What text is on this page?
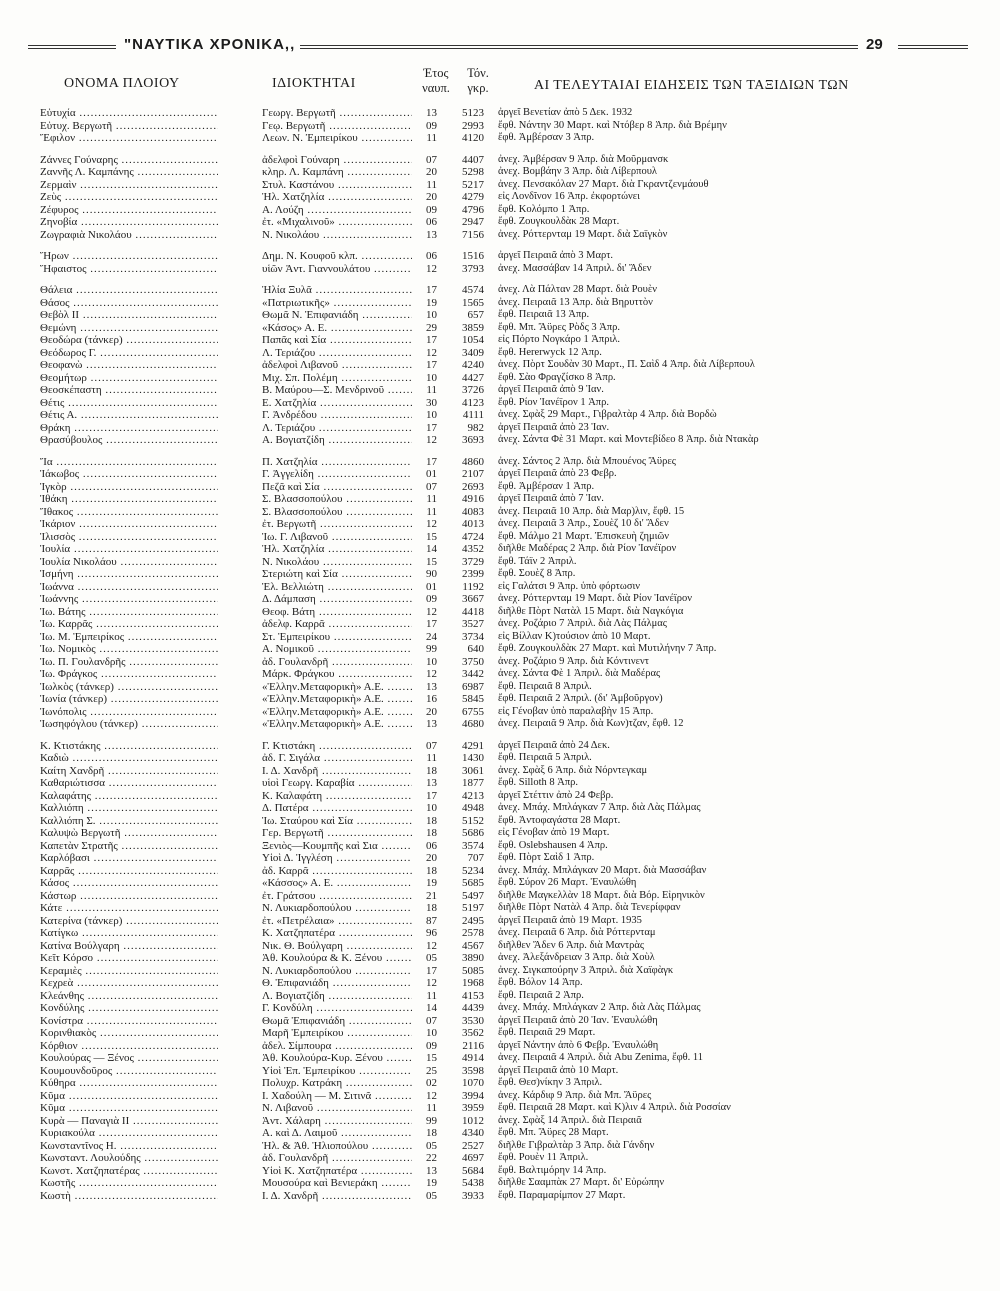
"ΝΑΥΤΙΚΑ ΧΡΟΝΙΚΑ,,	29
ΟΝΟΜΑ ΠΛΟΙΟΥ	ΙΔΙΟΚΤΗΤΑΙ
Έτος
ναυπ.
Τόν.
γκρ.	ΑΙ ΤΕΛΕΥΤΑΙΑΙ ΕΙΔΗΣΕΙΣ ΤΩΝ ΤΑΞΙΔΙΩΝ ΤΩΝ
Εὐτυχία .....	Γεωργ. Βεργωτῆ .....	13	5123 ἀργεῖ Βενετίαν ἀπὸ 5 Δεκ. 1932
Εὐτυχ. Βεργωτῆ .....	Γεῳ. Βεργωτῆ .....	09	2993 ἔφθ. Νάντην 30 Μαρτ. καὶ Ντόβερ 8 Ἀπρ. διὰ Βρέμην
Ἔφιλον .....	Λεων. Ν. Ἐμπειρίκου .....	11	4120 ἔφθ. Ἀμβέρσαν 3 Ἀπρ.
Ζάννες Γούναρης .....	ἀδελφοὶ Γούναρη .....	07	4407 ἀνεχ. Ἀμβέρσαν 9 Ἀπρ. διὰ Μοῦρμανσκ
Ζαννῆς Λ. Καμπάνης .....	κληρ. Λ. Καμπάνη .....	20	5298 ἀνεχ. Βομβάην 3 Ἀπρ. διὰ Λίβερπουλ
Ζερμαὶν .....	Στυλ. Καστάνου .....	11	5217 ἀνεχ. Πενσακόλαν 27 Μαρτ. διὰ Γκραντζενμάουθ
Ζεὺς .....	Ἠλ. Χατζηλία .....	20	4279 εἰς Λονδῖνον 16 Ἀπρ. ἐκφορτώνει
Ζέφυρος .....	Α. Λούζη .....	09	4796 ἔφθ. Κολόμπο 1 Ἀπρ.
Ζηνοβία .....	ἐτ. «Μιχαλινοῦ» .....	06	2947 ἔφθ. Ζουγκουλδὰκ 28 Μαρτ.
Ζωγραφιὰ Νικολάου .....	Ν. Νικολάου .....	13	7156 ἀνεχ. Ρόττερνταμ 19 Μαρτ. διὰ Σαϊγκὸν
Ἥρων .....	Δημ. Ν. Κουφοῦ κλπ. .....	06	1516 ἀργεῖ Πειραιᾶ ἀπὸ 3 Μαρτ.
Ἥφαιστος .....	υἱῶν Ἀντ. Γιαννουλάτου .....	12	3793 ἀνεχ. Μασσάβαν 14 Ἀπριλ. δι' Ἄδεν
Θάλεια .....	Ἠλία Ξυλᾶ .....	17	4574 ἀνεχ. Λὰ Πάλταν 28 Μαρτ. διὰ Ρουὲν
Θάσος .....	«Πατριωτικῆς» .....	19	1565 ἀνεχ. Πειραιᾶ 13 Ἀπρ. διὰ Βηρυττὸν
Θεβὸλ ΙΙ .....	Θωμᾶ Ν. Ἐπιφανιάδη .....	10	657 ἔφθ. Πειραιᾶ 13 Ἀπρ.
Θεμώνη .....	«Κάσος» Α. Ε. .....	29	3859 ἔφθ. Μπ. Ἄϋρες Ρὸδς 3 Ἀπρ.
Θεοδώρα (τάνκερ) .....	Παπᾶς καὶ Σία .....	17	1054 εἰς Πόρτο Νογκάρο 1 Ἀπριλ.
Θεόδωρος Γ. .....	Λ. Τεριάζου .....	12	3409 ἔφθ. Hererwyck 12 Ἀπρ.
Θεοφανὼ .....	ἀδελφοὶ Λιβανοῦ .....	17	4240 ἀνεχ. Πὸρτ Σουδὰν 30 Μαρτ., Π. Σαὶδ 4 Ἀπρ. διὰ Λίβερπουλ
Θεομήτωρ .....	Μιχ. Σπ. Πολέμη .....	10	4427 ἔφθ. Σὰο Φραγζίσκο 8 Ἀπρ.
Θεοσκέπαστη .....	Β. Μαύρου—Σ. Μενδρινοῦ .....	11	3726 ἀργεῖ Πειραιᾶ ἀπὸ 9 Ἰαν.
Θέτις .....	Ε. Χατζηλία .....	30	4123 ἔφθ. Ρίον Ἰανέϊρον 1 Ἀπρ.
Θέτις Α. .....	Γ. Ἀνδρέδου .....	10	4111 ἀνεχ. Σφὰξ 29 Μαρτ., Γιβραλτὰρ 4 Ἀπρ. διὰ Βορδὼ
Θράκη .....	Λ. Τεριάζου .....	17	982 ἀργεῖ Πειραιᾶ ἀπὸ 23 Ἰαν.
Θρασύβουλος .....	Α. Βογιατζίδη .....	12	3693 ἀνεχ. Σάντα Φὲ 31 Μαρτ. καὶ Μοντεβίδεο 8 Ἀπρ. διὰ Ντακὰρ
Ἴα .....	Π. Χατζηλία .....	17	4860 ἀνεχ. Σάντος 2 Ἀπρ. διὰ Μπουένος Ἄϋρες
Ἰάκωβος .....	Γ. Ἀγγελίδη .....	01	2107 ἀργεῖ Πειραιᾶ ἀπὸ 23 Φεβρ.
Ἰγκὸρ .....	Πεζᾶ καὶ Σία .....	07	2693 ἔφθ. Ἀμβέρσαν 1 Ἀπρ.
Ἰθάκη .....	Σ. Βλασσοπούλου .....	11	4916 ἀργεῖ Πειραιᾶ ἀπὸ 7 Ἰαν.
Ἴθακος .....	Σ. Βλασσοπούλου .....	11	4083 ἀνεχ. Πειραιᾶ 10 Ἀπρ. διὰ Μαρ)λιν, ἔφθ. 15
Ἰκάριον .....	ἐτ. Βεργωτῆ .....	12	4013 ἀνεχ. Πειραιᾶ 3 Ἀπρ., Σουὲζ 10 δι' Ἄδεν
Ἰλισσὸς .....	Ἰω. Γ. Λιβανοῦ .....	15	4724 ἔφθ. Μάλμο 21 Μαρτ. Ἐπισκευὴ ζημιῶν
Ἰουλία .....	Ἠλ. Χατζηλία .....	14	4352 διῆλθε Μαδέρας 2 Ἀπρ. διὰ Ρίον Ἰανέϊρον
Ἰουλία Νικολάου .....	Ν. Νικολάου .....	15	3729 ἔφθ. Τάϊν 2 Ἀπριλ.
Ἰσμήνη .....	Στεριώτη καὶ Σία .....	90	2399 ἔφθ. Σουὲζ 8 Ἀπρ.
Ἰωάννα .....	Ἐλ. Βελλιώτη .....	01	1192 εἰς Γαλάτσι 9 Ἀπρ. ὑπὸ φόρτωσιν
Ἰωάννης .....	Δ. Δάμπαση .....	09	3667 ἀνεχ. Ρόττερνταμ 19 Μαρτ. διὰ Ρίον Ἰανέϊρον
Ἰω. Βάτης .....	Θεοφ. Βάτη .....	12	4418 διῆλθε Πὸρτ Νατὰλ 15 Μαρτ. διὰ Ναγκόγια
Ἰω. Καρρᾶς .....	ἀδελφ. Καρρᾶ .....	17	3527 ἀνεχ. Ροζάριο 7 Ἀπριλ. διὰ Λὰς Πάλμας
Ἰω. Μ. Ἐμπειρίκος .....	Στ. Ἐμπειρίκου .....	24	3734 εἰς Βίλλαν Κ)τούσιον ἀπὸ 10 Μαρτ.
Ἰω. Νομικὸς .....	Α. Νομικοῦ .....	99	640 ἔφθ. Ζουγκουλδὰκ 27 Μαρτ. καὶ Μυτιλήνην 7 Ἀπρ.
Ἰω. Π. Γουλανδρῆς .....	ἀδ. Γουλανδρῆ .....	10	3750 ἀνεχ. Ροζάριο 9 Ἀπρ. διὰ Κόντινεντ
Ἰω. Φράγκος .....	Μάρκ. Φράγκου .....	12	3442 ἀνεχ. Σάντα Φὲ 1 Ἀπριλ. διὰ Μαδέρας
Ἰωλκὸς (τάνκερ) .....	«Ἑλλην.Μεταφορικὴ» Α.Ε. .....	13	6987 ἔφθ. Πειραιᾶ 8 Ἀπριλ.
Ἰωνία (τάνκερ) .....	«Ἑλλην.Μεταφορικὴ» Α.Ε. .....	16	5845 ἔφθ. Πειραιᾶ 2 Ἀπριλ. (δι' Ἀμβοῦργον)
Ἰωνόπολις .....	«Ἑλλην.Μεταφορικὴ» Α.Ε. .....	20	6755 εἰς Γένοβαν ὑπὸ παραλαβὴν 15 Ἀπρ.
Ἰωσηφόγλου (τάνκερ) .....	«Ἑλλην.Μεταφορικὴ» Α.Ε. .....	13	4680 ἀνεχ. Πειραιᾶ 9 Ἀπρ. διὰ Κων)τζαν, ἔφθ. 12
Κ. Κτιστάκης .....	Γ. Κτιστάκη .....	07	4291 ἀργεῖ Πειραιᾶ ἀπὸ 24 Δεκ.
Καδιὼ .....	ἀδ. Γ. Σιγάλα .....	11	1430 ἔφθ. Πειραιᾶ 5 Ἀπριλ.
Καίτη Χανδρῆ .....	Ι. Δ. Χανδρῆ .....	18	3061 ἀνεχ. Σφὰξ 6 Ἀπρ. διὰ Νόρντεγκαμ
Καθαριώτισσα .....	υἱοὶ Γεωργ. Καραβία .....	13	1877 ἔφθ. Silloth 8 Ἀπρ.
Καλαφάτης .....	Κ. Καλαφάτη .....	17	4213 ἀργεῖ Στέττιν ἀπὸ 24 Φεβρ.
Καλλιόπη .....	Δ. Πατέρα .....	10	4948 ἀνεχ. Μπάχ. Μπλάγκαν 7 Ἀπρ. διὰ Λὰς Πάλμας
Καλλιόπη Σ. .....	Ἰω. Σταύρου καὶ Σία .....	18	5152 ἔφθ. Ἀντοφαγάστα 28 Μαρτ.
Καλυψὼ Βεργωτῆ .....	Γερ. Βεργωτῆ .....	18	5686 εἰς Γένοβαν ἀπὸ 19 Μαρτ.
Καπετὰν Στρατῆς .....	Ξενιὸς—Κουμπῆς καὶ Σια .....	06	3574 ἔφθ. Oslebshausen 4 Ἀπρ.
Καρλόβασι .....	Υἱοὶ Δ. Ἰγγλέση .....	20	707 ἔφθ. Πὸρτ Σαὶδ 1 Ἀπρ.
Καρρᾶς .....	ἀδ. Καρρᾶ .....	18	5234 ἀνεχ. Μπάχ. Μπλάγκαν 20 Μαρτ. διὰ Μασσάβαν
Κάσος .....	«Κάσσος» Α. Ε. .....	19	5685 ἔφθ. Σύρον 26 Μαρτ. Ἐναυλώθη
Κάστωρ .....	ἐτ. Γράτσου .....	21	5497 διῆλθε Μαγκελλὰν 18 Μαρτ. διὰ Βόρ. Εἰρηνικὸν
Κάτε .....	Ν. Λυκιαρδοπούλου .....	18	5197 διῆλθε Πὸρτ Νατὰλ 4 Ἀπρ. διὰ Τενερίφφαν
Κατερίνα (τάνκερ) .....	ἐτ. «Πετρέλαια» .....	87	2495 ἀργεῖ Πειραιᾶ ἀπὸ 19 Μαρτ. 1935
Κατίγκω .....	Κ. Χατζηπατέρα .....	96	2578 ἀνεχ. Πειραιᾶ 6 Ἀπρ. διὰ Ρόττερνταμ
Κατίνα Βούλγαρη .....	Νικ. Θ. Βούλγαρη .....	12	4567 διῆλθεν Ἄδεν 6 Ἀπρ. διὰ Μαντρὰς
Κεῖτ Κόρσο .....	Ἀθ. Κουλούρα & Κ. Ξένου .....	05	3890 ἀνεχ. Ἀλεξάνδρειαν 3 Ἀπρ. διὰ Χοὺλ
Κεραμιὲς .....	Ν. Λυκιαρδοπούλου .....	17	5085 ἀνεχ. Σιγκαπούρην 3 Ἀπριλ. διὰ Χαϊφὰγκ
Κεχρεὰ .....	Θ. Ἐπιφανιάδη .....	12	1968 ἔφθ. Βόλον 14 Ἀπρ.
Κλεάνθης .....	Λ. Βογιατζίδη .....	11	4153 ἔφθ. Πειραιᾶ 2 Ἀπρ.
Κονδύλης .....	Γ. Κονδύλη .....	14	4439 ἀνεχ. Μπάχ. Μπλάγκαν 2 Ἀπρ. διὰ Λὰς Πάλμας
Κονίστρα .....	Θωμᾶ Ἐπιφανιάδη .....	07	3530 ἀργεῖ Πειραιᾶ ἀπὸ 20 Ἰαν. Ἐναυλώθη
Κορινθιακὸς .....	Μαρῆ Ἐμπειρίκου .....	10	3562 ἔφθ. Πειραιᾶ 29 Μαρτ.
Κόρθιον .....	ἀδελ. Σίμπουρα .....	09	2116 ἀργεῖ Νάντην ἀπὸ 6 Φεβρ. Ἐναυλώθη
Κουλούρας — Ξένος .....	Ἀθ. Κουλούρα-Κυρ. Ξένου .....	15	4914 ἀνεχ. Πειραιᾶ 4 Ἀπριλ. διὰ Abu Zenima, ἔφθ. 11
Κουμουνδοῦρος .....	Υἱοὶ Ἐπ. Ἐμπειρίκου .....	25	3598 ἀργεῖ Πειραιᾶ ἀπὸ 10 Μαρτ.
Κύθηρα .....	Πολυχρ. Κατράκη .....	02	1070 ἔφθ. Θεσ)νίκην 3 Ἀπριλ.
Κῦμα .....	Ι. Χαδούλη — Μ. Σιτινᾶ .....	12	3994 ἀνεχ. Κάρδιφ 9 Ἀπρ. διὰ Μπ. Ἄϋρες
Κῦμα .....	Ν. Λιβανοῦ .....	11	3959 ἔφθ. Πειραιᾶ 28 Μαρτ. καὶ Κ)λιν 4 Ἀπριλ. διὰ Ροσσίαν
Κυρὰ — Παναγιὰ ΙΙ .....	Ἀντ. Χάλαρη .....	99	1012 ἀνεχ. Σφὰξ 14 Ἀπριλ. διὰ Πειραιᾶ
Κυριακούλα .....	Α. καὶ Δ. Λαιμοῦ .....	18	4340 ἔφθ. Μπ. Ἄϋρες 28 Μαρτ.
Κωνσταντῖνος Η. .....	Ἠλ. & Ἀθ. Ἠλιοπούλου .....	05	2527 διῆλθε Γιβραλτὰρ 3 Ἀπρ. διὰ Γάνδην
Κωνσταντ. Λουλούδης .....	ἀδ. Γουλανδρῆ .....	22	4697 ἔφθ. Ρουὲν 11 Ἀπριλ.
Κωνστ. Χατζηπατέρας .....	Υἱοὶ Κ. Χατζηπατέρα .....	13	5684 ἔφθ. Βαλτιμόρην 14 Ἀπρ.
Κωστῆς .....	Μουσούρα καὶ Βενιεράκη .....	19	5438 διῆλθε Σααμπὰκ 27 Μαρτ. δι' Εὐρώπην
Κωστὴ .....	Ι. Δ. Χανδρῆ .....	05	3933 ἔφθ. Παραμαρίμπον 27 Μαρτ.
